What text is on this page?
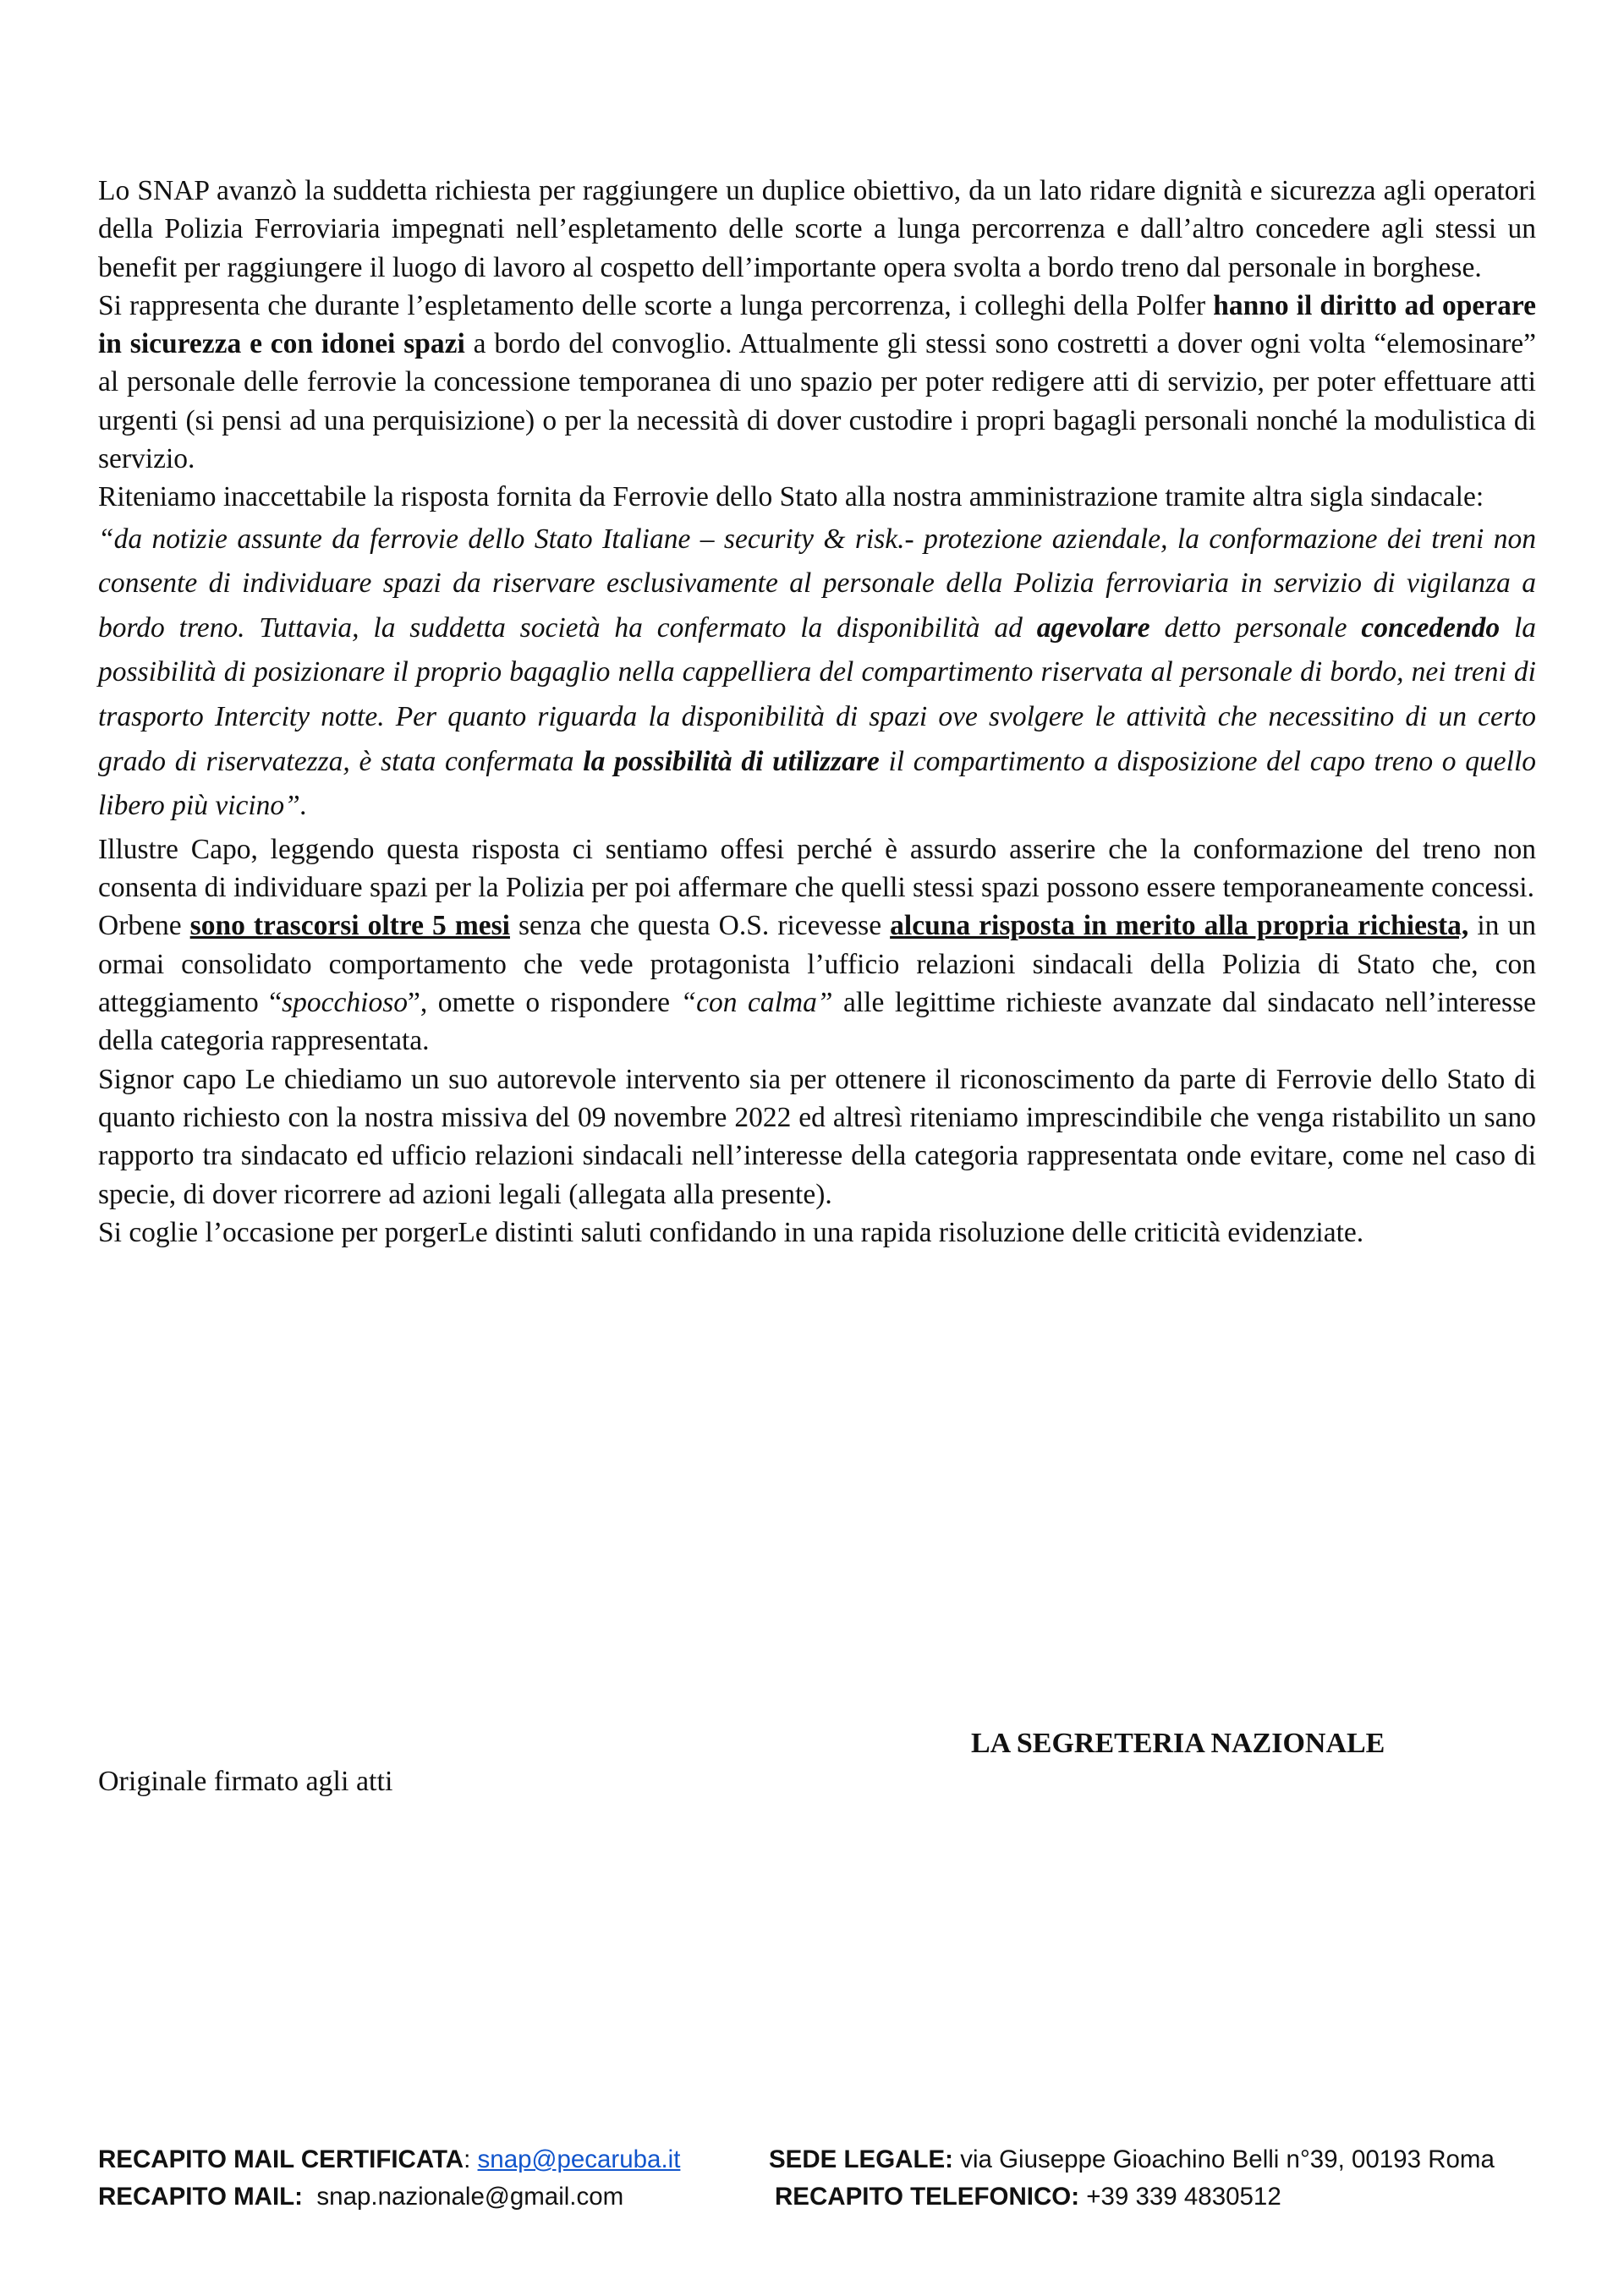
Lo SNAP avanzò la suddetta richiesta per raggiungere un duplice obiettivo, da un lato ridare dignità e sicurezza agli operatori della Polizia Ferroviaria impegnati nell’espletamento delle scorte a lunga percorrenza e dall’altro concedere agli stessi un benefit per raggiungere il luogo di lavoro al cospetto dell’importante opera svolta a bordo treno dal personale in borghese.

Si rappresenta che durante l’espletamento delle scorte a lunga percorrenza, i colleghi della Polfer hanno il diritto ad operare in sicurezza e con idonei spazi a bordo del convoglio. Attualmente gli stessi sono costretti a dover ogni volta “elemosinare” al personale delle ferrovie la concessione temporanea di uno spazio per poter redigere atti di servizio, per poter effettuare atti urgenti (si pensi ad una perquisizione) o per la necessità di dover custodire i propri bagagli personali nonché la modulistica di servizio.

Riteniamo inaccettabile la risposta fornita da Ferrovie dello Stato alla nostra amministrazione tramite altra sigla sindacale:

“da notizie assunte da ferrovie dello Stato Italiane – security & risk.- protezione aziendale, la conformazione dei treni non consente di individuare spazi da riservare esclusivamente al personale della Polizia ferroviaria in servizio di vigilanza a bordo treno. Tuttavia, la suddetta società ha confermato la disponibilità ad agevolare detto personale concedendo la possibilità di posizionare il proprio bagaglio nella cappelliera del compartimento riservata al personale di bordo, nei treni di trasporto Intercity notte. Per quanto riguarda la disponibilità di spazi ove svolgere le attività che necessitino di un certo grado di riservatezza, è stata confermata la possibilità di utilizzare il compartimento a disposizione del capo treno o quello libero più vicino”.

Illustre Capo, leggendo questa risposta ci sentiamo offesi perché è assurdo asserire che la conformazione del treno non consenta di individuare spazi per la Polizia per poi affermare che quelli stessi spazi possono essere temporaneamente concessi.

Orbene sono trascorsi oltre 5 mesi senza che questa O.S. ricevesse alcuna risposta in merito alla propria richiesta, in un ormai consolidato comportamento che vede protagonista l’ufficio relazioni sindacali della Polizia di Stato che, con atteggiamento “spocchioso”, omette o rispondere “con calma” alle legittime richieste avanzate dal sindacato nell’interesse della categoria rappresentata.

Signor capo Le chiediamo un suo autorevole intervento sia per ottenere il riconoscimento da parte di Ferrovie dello Stato di quanto richiesto con la nostra missiva del 09 novembre 2022 ed altresì riteniamo imprescindibile che venga ristabilito un sano rapporto tra sindacato ed ufficio relazioni sindacali nell’interesse della categoria rappresentata onde evitare, come nel caso di specie, di dover ricorrere ad azioni legali (allegata alla presente).

Si coglie l’occasione per porgerLe distinti saluti confidando in una rapida risoluzione delle criticità evidenziate.

LA SEGRETERIA NAZIONALE
Originale firmato agli atti
RECAPITO MAIL CERTIFICATA: snap@pecaruba.it	SEDE LEGALE: via Giuseppe Gioachino Belli n°39, 00193 Roma
RECAPITO MAIL:  snap.nazionale@gmail.com	RECAPITO TELEFONICO: +39 339 4830512
